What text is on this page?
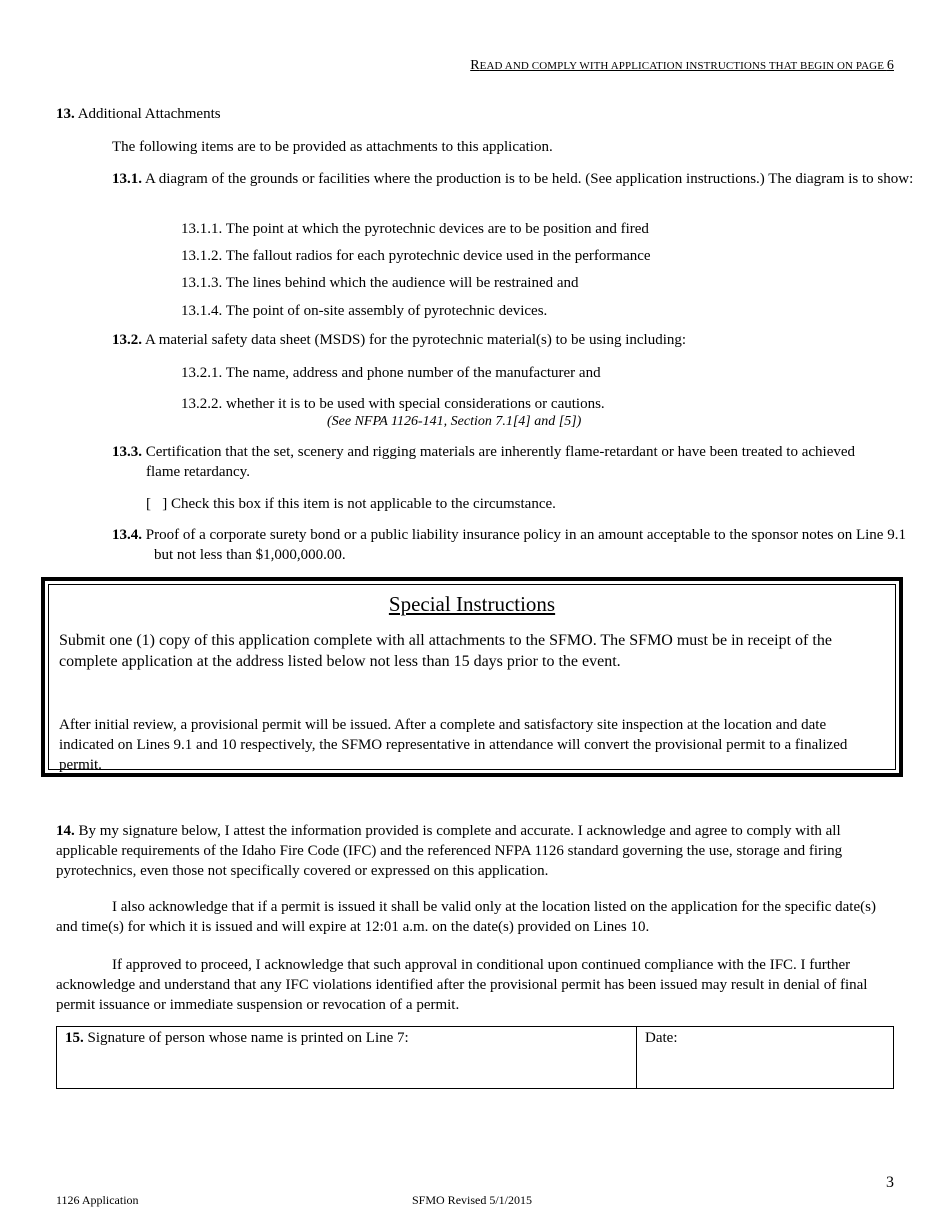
READ AND COMPLY WITH APPLICATION INSTRUCTIONS THAT BEGIN ON PAGE 6
13. Additional Attachments
The following items are to be provided as attachments to this application.
13.1. A diagram of the grounds or facilities where the production is to be held. (See application instructions.) The diagram is to show:
13.1.1. The point at which the pyrotechnic devices are to be position and fired
13.1.2. The fallout radios for each pyrotechnic device used in the performance
13.1.3. The lines behind which the audience will be restrained and
13.1.4. The point of on-site assembly of pyrotechnic devices.
13.2. A material safety data sheet (MSDS) for the pyrotechnic material(s) to be using including:
13.2.1. The name, address and phone number of the manufacturer and
13.2.2. whether it is to be used with special considerations or cautions.
(See NFPA 1126-141, Section 7.1[4] and [5])
13.3. Certification that the set, scenery and rigging materials are inherently flame-retardant or have been treated to achieved flame retardancy.
[   ] Check this box if this item is not applicable to the circumstance.
13.4. Proof of a corporate surety bond or a public liability insurance policy in an amount acceptable to the sponsor notes on Line 9.1 but not less than $1,000,000.00.
Special Instructions
Submit one (1) copy of this application complete with all attachments to the SFMO. The SFMO must be in receipt of the complete application at the address listed below not less than 15 days prior to the event.
After initial review, a provisional permit will be issued. After a complete and satisfactory site inspection at the location and date indicated on Lines 9.1 and 10 respectively, the SFMO representative in attendance will convert the provisional permit to a finalized permit.
14. By my signature below, I attest the information provided is complete and accurate. I acknowledge and agree to comply with all applicable requirements of the Idaho Fire Code (IFC) and the referenced NFPA 1126 standard governing the use, storage and firing pyrotechnics, even those not specifically covered or expressed on this application.
I also acknowledge that if a permit is issued it shall be valid only at the location listed on the application for the specific date(s) and time(s) for which it is issued and will expire at 12:01 a.m. on the date(s) provided on Lines 10.
If approved to proceed, I acknowledge that such approval in conditional upon continued compliance with the IFC. I further acknowledge and understand that any IFC violations identified after the provisional permit has been issued may result in denial of final permit issuance or immediate suspension or revocation of a permit.
15. Signature of person whose name is printed on Line 7:	Date:
3
1126 Application	SFMO Revised 5/1/2015
